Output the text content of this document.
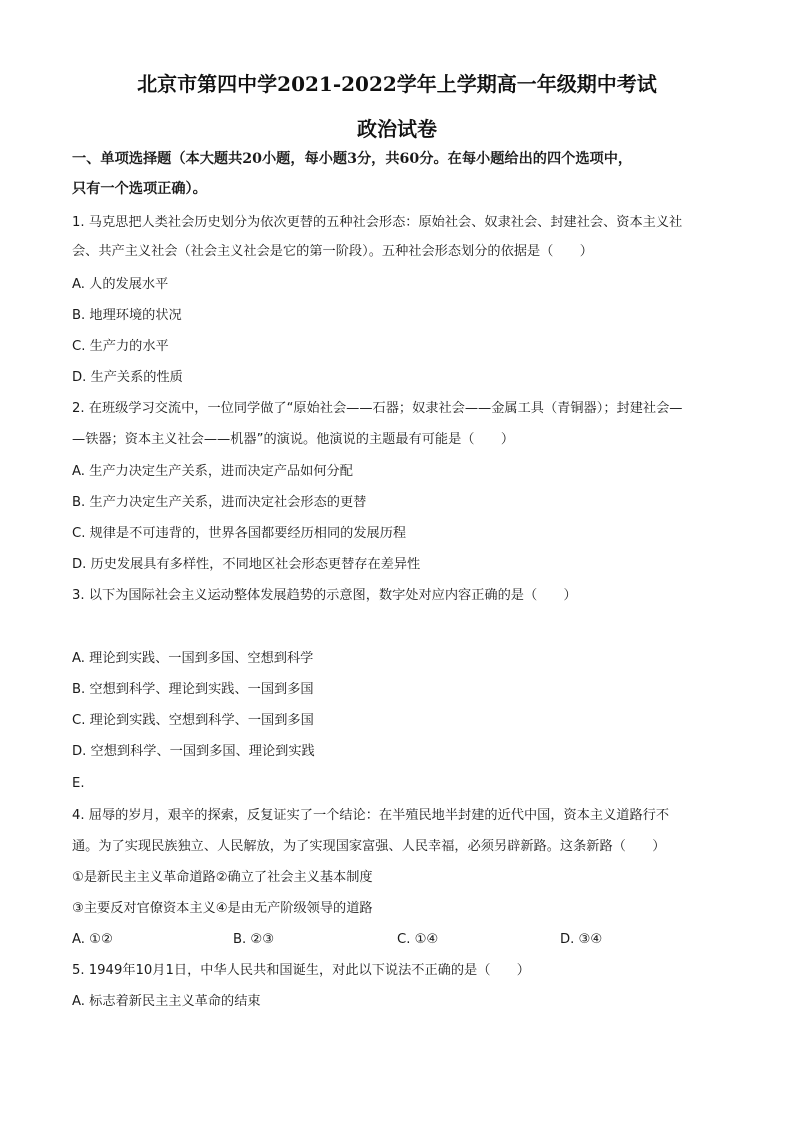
北京市第四中学2021-2022学年上学期高一年级期中考试
政治试卷
一、单项选择题（本大题共20小题，每小题3分，共60分。在每小题给出的四个选项中，
只有一个选项正确）。
1. 马克思把人类社会历史划分为依次更替的五种社会形态：原始社会、奴隶社会、封建社会、资本主义社
会、共产主义社会（社会主义社会是它的第一阶段）。五种社会形态划分的依据是（　　）
A. 人的发展水平
B. 地理环境的状况
C. 生产力的水平
D. 生产关系的性质
2. 在班级学习交流中，一位同学做了“原始社会——石器；奴隶社会——金属工具（青铜器）；封建社会—
—铁器；资本主义社会——机器”的演说。他演说的主题最有可能是（　　）
A. 生产力决定生产关系，进而决定产品如何分配
B. 生产力决定生产关系，进而决定社会形态的更替
C. 规律是不可违背的，世界各国都要经历相同的发展历程
D. 历史发展具有多样性，不同地区社会形态更替存在差异性
3. 以下为国际社会主义运动整体发展趋势的示意图，数字处对应内容正确的是（　　）
A. 理论到实践、一国到多国、空想到科学
B. 空想到科学、理论到实践、一国到多国
C. 理论到实践、空想到科学、一国到多国
D. 空想到科学、一国到多国、理论到实践
E.
4. 屈辱的岁月，艰辛的探索，反复证实了一个结论：在半殖民地半封建的近代中国，资本主义道路行不
通。为了实现民族独立、人民解放，为了实现国家富强、人民幸福，必须另辟新路。这条新路（　　）
①是新民主主义革命道路②确立了社会主义基本制度
③主要反对官僚资本主义④是由无产阶级领导的道路
A. ①②	B. ②③	C. ①④	D. ③④
5. 1949年10月1日，中华人民共和国诞生，对此以下说法不正确的是（　　）
A. 标志着新民主主义革命的结束
